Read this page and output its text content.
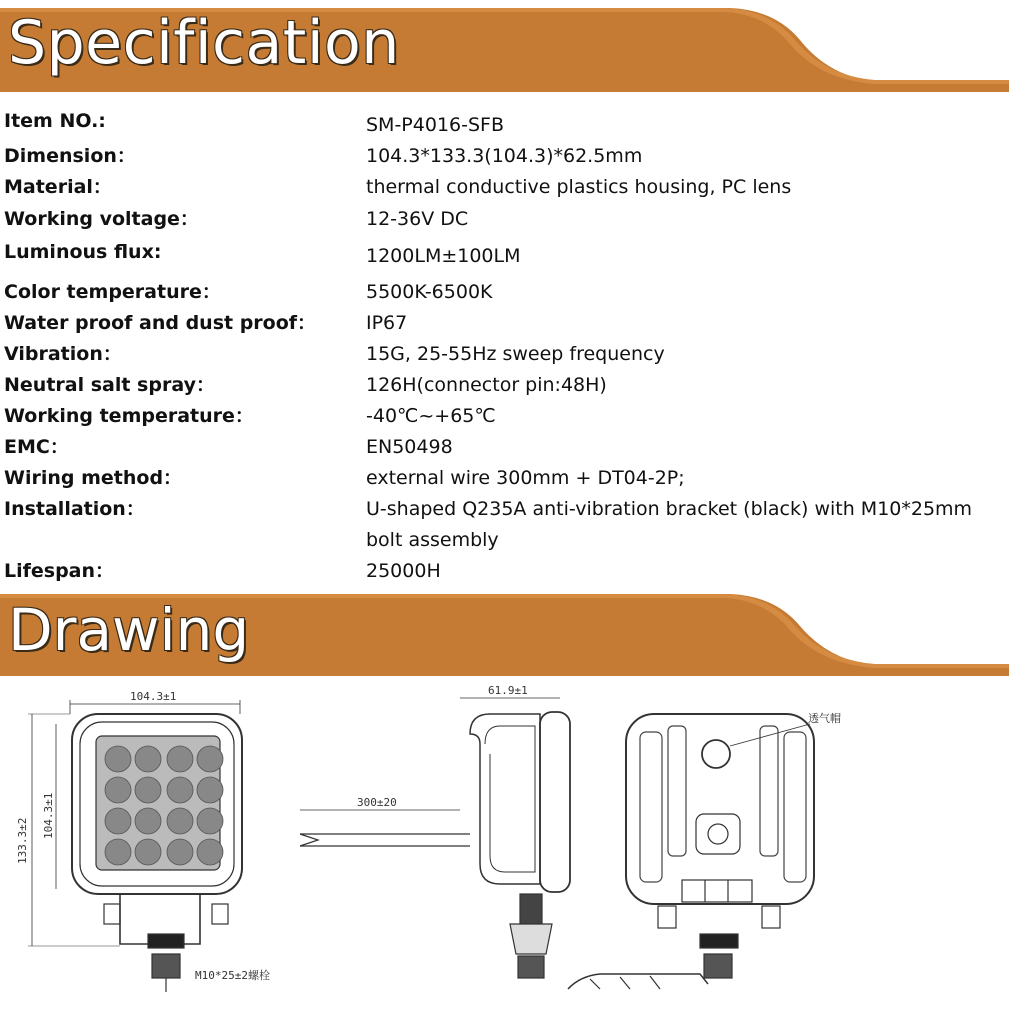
Specification
Item NO.:	SM-P4016-SFB
Dimension：	104.3*133.3(104.3)*62.5mm
Material：	thermal conductive plastics housing, PC lens
Working voltage：	12-36V DC
Luminous flux:	1200LM±100LM
Color temperature：	5500K-6500K
Water proof and dust proof：	IP67
Vibration：	15G, 25-55Hz sweep frequency
Neutral salt spray：	126H(connector pin:48H)
Working temperature：	-40℃~+65℃
EMC：	EN50498
Wiring method：	external wire 300mm + DT04-2P;
Installation：	U-shaped Q235A anti-vibration bracket (black) with M10*25mm bolt assembly
Lifespan：	25000H
Drawing
104.3±1
133.3±2
104.3±1
M10*25±2螺栓
61.9±1
300±20
透气帽
